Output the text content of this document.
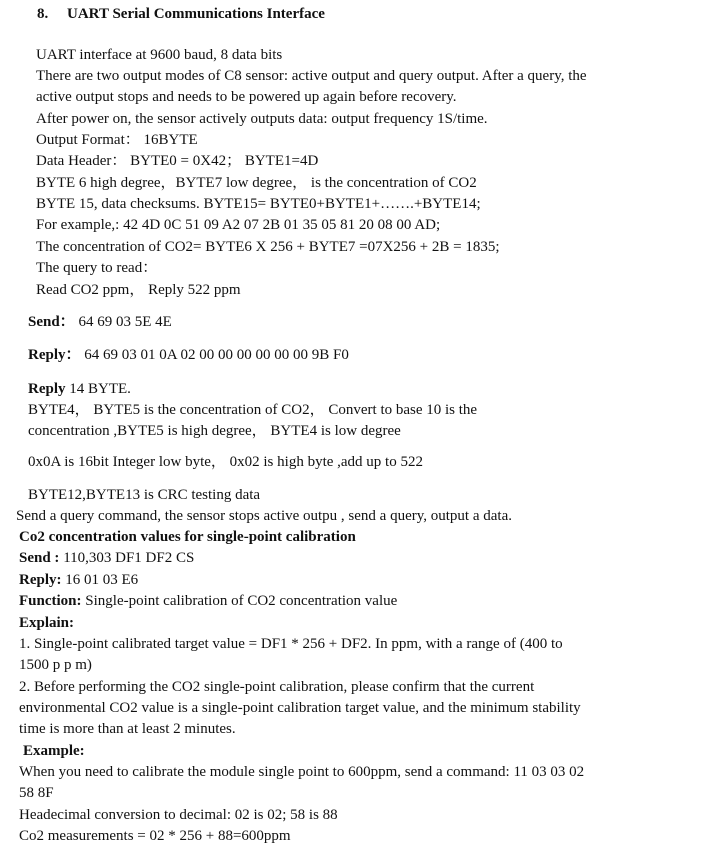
8. UART Serial Communications Interface
UART interface at 9600 baud, 8 data bits
There are two output modes of C8 sensor: active output and query output. After a query, the
active output stops and needs to be powered up again before recovery.
After power on, the sensor actively outputs data: output frequency 1S/time.
Output Format： 16BYTE
Data Header： BYTE0 = 0X42； BYTE1=4D
BYTE 6 high degree，BYTE7 low degree， is the concentration of CO2
BYTE 15, data checksums. BYTE15= BYTE0+BYTE1+…….+BYTE14;
For example,: 42 4D 0C 51 09 A2 07 2B 01 35 05 81 20 08 00 AD;
The concentration of CO2= BYTE6 X 256 + BYTE7 =07X256 + 2B = 1835;
The query to read：
Read CO2 ppm， Reply 522 ppm
Send： 64 69 03 5E 4E
Reply： 64 69 03 01 0A 02 00 00 00 00 00 00 9B F0
Reply 14 BYTE.
BYTE4， BYTE5 is the concentration of CO2， Convert to base 10 is the
concentration ,BYTE5 is high degree， BYTE4 is low degree
0x0A is 16bit Integer low byte， 0x02 is high byte ,add up to 522
BYTE12,BYTE13 is CRC testing data
Send a query command, the sensor stops active outpu , send a query, output a data.
Co2 concentration values for single-point calibration
Send : 110,303 DF1 DF2 CS
Reply: 16 01 03 E6
Function: Single-point calibration of CO2 concentration value
Explain:
1. Single-point calibrated target value = DF1 * 256 + DF2. In ppm, with a range of (400 to
1500 p p m)
2. Before performing the CO2 single-point calibration, please confirm that the current
environmental CO2 value is a single-point calibration target value, and the minimum stability
time is more than at least 2 minutes.
Example:
When you need to calibrate the module single point to 600ppm, send a command: 11 03 03 02
58 8F
Headecimal conversion to decimal: 02 is 02; 58 is 88
Co2 measurements = 02 * 256 + 88=600ppm
